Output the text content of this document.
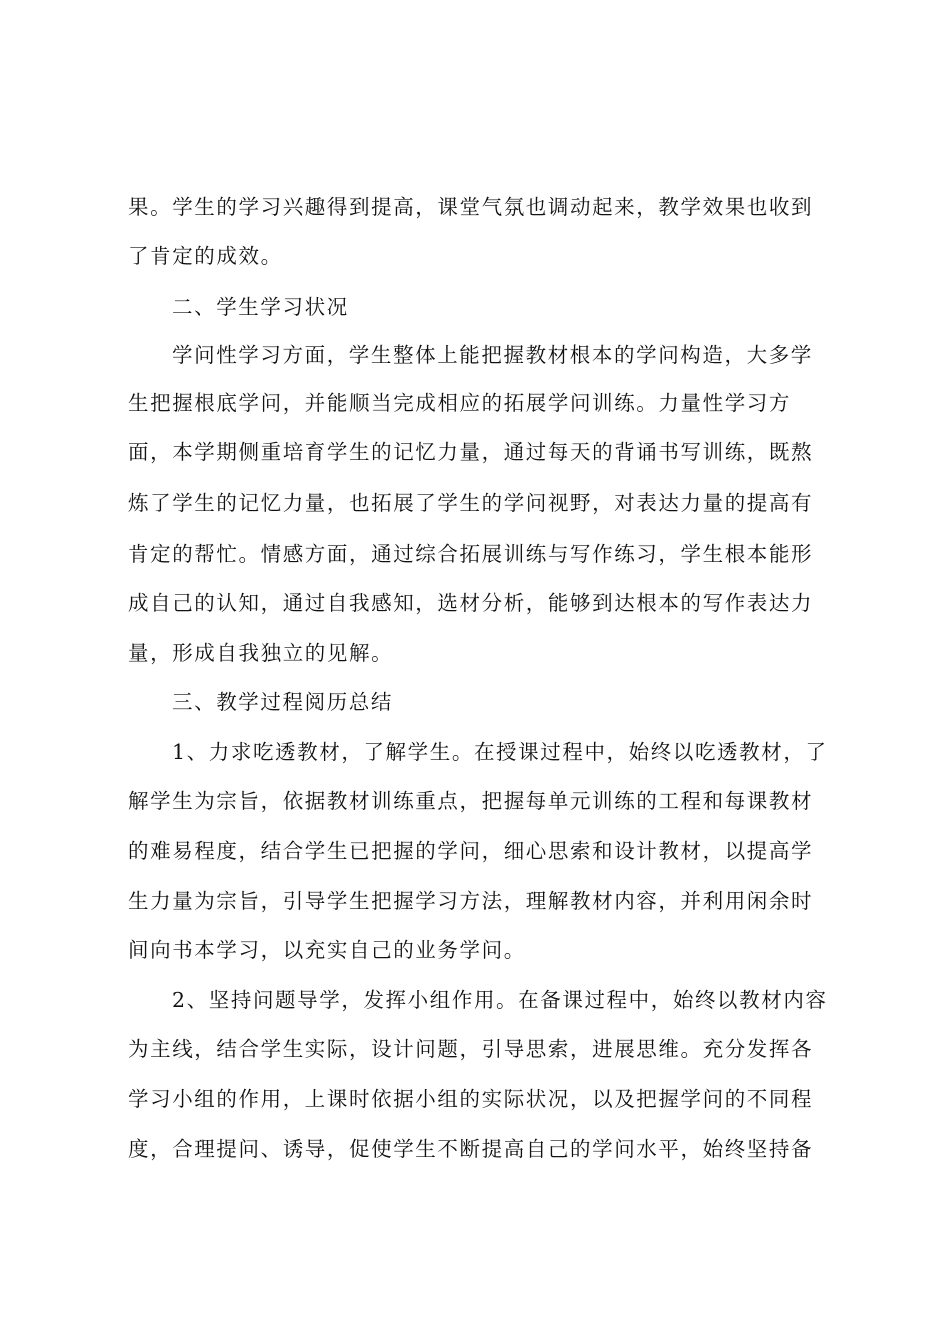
果。学生的学习兴趣得到提高，课堂气氛也调动起来，教学效果也收到
了肯定的成效。
二、学生学习状况
学问性学习方面，学生整体上能把握教材根本的学问构造，大多学
生把握根底学问，并能顺当完成相应的拓展学问训练。力量性学习方
面，本学期侧重培育学生的记忆力量，通过每天的背诵书写训练，既熬
炼了学生的记忆力量，也拓展了学生的学问视野，对表达力量的提高有
肯定的帮忙。情感方面，通过综合拓展训练与写作练习，学生根本能形
成自己的认知，通过自我感知，选材分析，能够到达根本的写作表达力
量，形成自我独立的见解。
三、教学过程阅历总结
1、力求吃透教材，了解学生。在授课过程中，始终以吃透教材，了
解学生为宗旨，依据教材训练重点，把握每单元训练的工程和每课教材
的难易程度，结合学生已把握的学问，细心思索和设计教材，以提高学
生力量为宗旨，引导学生把握学习方法，理解教材内容，并利用闲余时
间向书本学习，以充实自己的业务学问。
2、坚持问题导学，发挥小组作用。在备课过程中，始终以教材内容
为主线，结合学生实际，设计问题，引导思索，进展思维。充分发挥各
学习小组的作用，上课时依据小组的实际状况，以及把握学问的不同程
度，合理提问、诱导，促使学生不断提高自己的学问水平，始终坚持备
